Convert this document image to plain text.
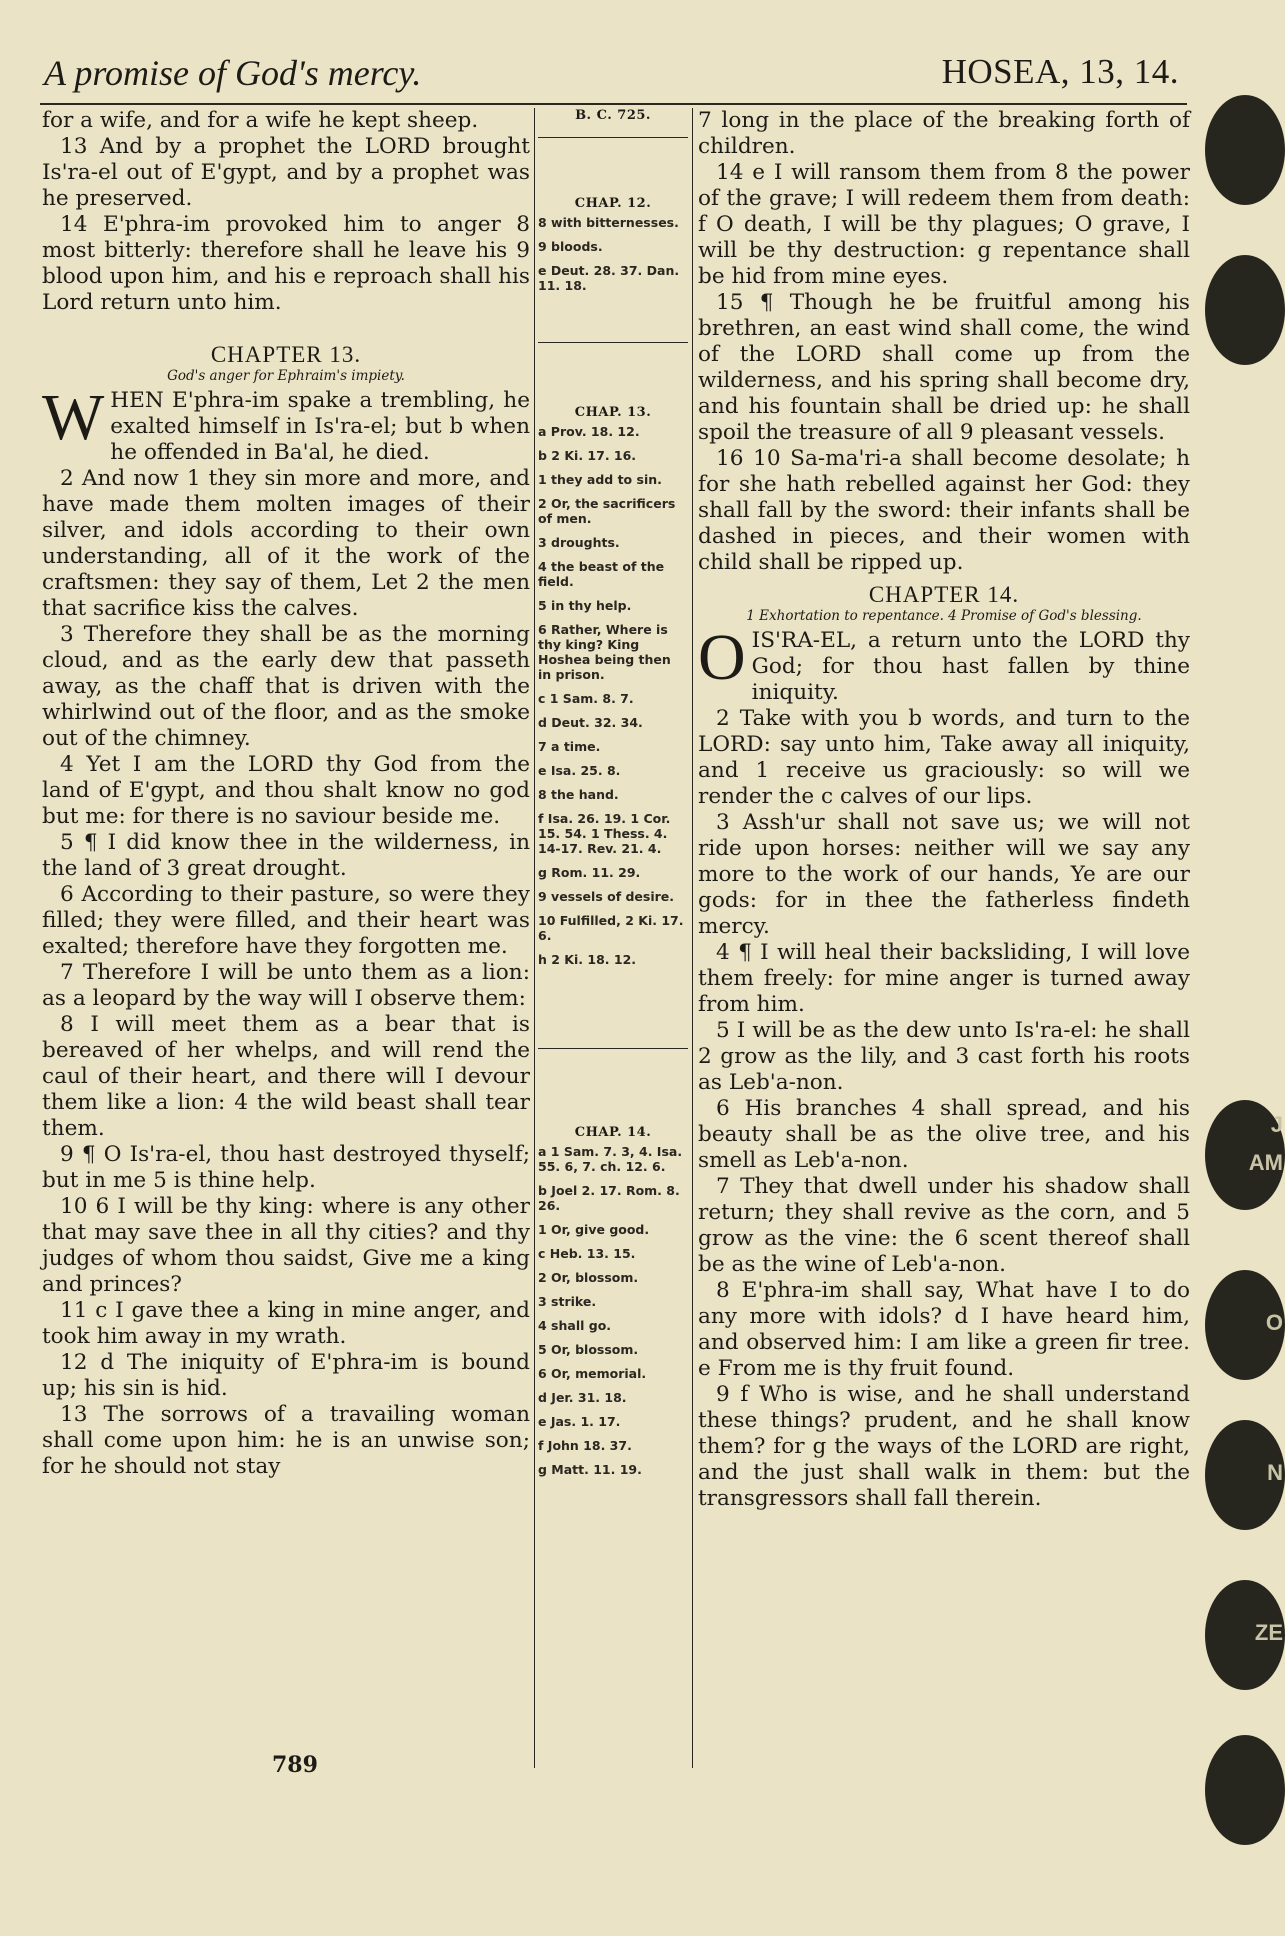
A promise of God's mercy.	HOSEA, 13, 14.

for a wife, and for a wife he kept sheep.

13 And by a prophet the LORD brought Is'ra-el out of E'gypt, and by a prophet was he preserved.

14 E'phra-im provoked him to anger 8 most bitterly: therefore shall he leave his 9 blood upon him, and his e reproach shall his Lord return unto him.

CHAPTER 13.
God's anger for Ephraim's impiety.

WHEN E'phra-im spake a trembling, he exalted himself in Is'ra-el; but b when he offended in Ba'al, he died.

2 And now 1 they sin more and more, and have made them molten images of their silver, and idols according to their own understanding, all of it the work of the craftsmen: they say of them, Let 2 the men that sacrifice kiss the calves.

3 Therefore they shall be as the morning cloud, and as the early dew that passeth away, as the chaff that is driven with the whirlwind out of the floor, and as the smoke out of the chimney.

4 Yet I am the LORD thy God from the land of E'gypt, and thou shalt know no god but me: for there is no saviour beside me.

5 ¶ I did know thee in the wilderness, in the land of 3 great drought.

6 According to their pasture, so were they filled; they were filled, and their heart was exalted; therefore have they forgotten me.

7 Therefore I will be unto them as a lion: as a leopard by the way will I observe them:

8 I will meet them as a bear that is bereaved of her whelps, and will rend the caul of their heart, and there will I devour them like a lion: 4 the wild beast shall tear them.

9 ¶ O Is'ra-el, thou hast destroyed thyself; but in me 5 is thine help.

10 6 I will be thy king: where is any other that may save thee in all thy cities? and thy judges of whom thou saidst, Give me a king and princes?

11 c I gave thee a king in mine anger, and took him away in my wrath.

12 d The iniquity of E'phra-im is bound up; his sin is hid.

13 The sorrows of a travailing woman shall come upon him: he is an unwise son; for he should not stay

B. C. 725.
CHAP. 12.
8 with bitternesses.
9 bloods.
e Deut. 28. 37. Dan. 11. 18.
CHAP. 13.
a Prov. 18. 12.
b 2 Ki. 17. 16.
1 they add to sin.
2 Or, the sacrificers of men.
3 droughts.
4 the beast of the field.
5 in thy help.
6 Rather, Where is thy king? King Hoshea being then in prison.
c 1 Sam. 8. 7.
d Deut. 32. 34.
7 a time.
e Isa. 25. 8.
8 the hand.
f Isa. 26. 19. 1 Cor. 15. 54. 1 Thess. 4. 14-17. Rev. 21. 4.
g Rom. 11. 29.
9 vessels of desire.
10 Fulfilled, 2 Ki. 17. 6.
h 2 Ki. 18. 12.
CHAP. 14.
a 1 Sam. 7. 3, 4. Isa. 55. 6, 7. ch. 12. 6.
b Joel 2. 17. Rom. 8. 26.
1 Or, give good.
c Heb. 13. 15.
2 Or, blossom.
3 strike.
4 shall go.
5 Or, blossom.
6 Or, memorial.
d Jer. 31. 18.
e Jas. 1. 17.
f John 18. 37.
g Matt. 11. 19.

7 long in the place of the breaking forth of children.

14 e I will ransom them from 8 the power of the grave; I will redeem them from death: f O death, I will be thy plagues; O grave, I will be thy destruction: g repentance shall be hid from mine eyes.

15 ¶ Though he be fruitful among his brethren, an east wind shall come, the wind of the LORD shall come up from the wilderness, and his spring shall become dry, and his fountain shall be dried up: he shall spoil the treasure of all 9 pleasant vessels.

16 10 Sa-ma'ri-a shall become desolate; h for she hath rebelled against her God: they shall fall by the sword: their infants shall be dashed in pieces, and their women with child shall be ripped up.

CHAPTER 14.
1 Exhortation to repentance. 4 Promise of God's blessing.

OIS'RA-EL, a return unto the LORD thy God; for thou hast fallen by thine iniquity.

2 Take with you b words, and turn to the LORD: say unto him, Take away all iniquity, and 1 receive us graciously: so will we render the c calves of our lips.

3 Assh'ur shall not save us; we will not ride upon horses: neither will we say any more to the work of our hands, Ye are our gods: for in thee the fatherless findeth mercy.

4 ¶ I will heal their backsliding, I will love them freely: for mine anger is turned away from him.

5 I will be as the dew unto Is'ra-el: he shall 2 grow as the lily, and 3 cast forth his roots as Leb'a-non.

6 His branches 4 shall spread, and his beauty shall be as the olive tree, and his smell as Leb'a-non.

7 They that dwell under his shadow shall return; they shall revive as the corn, and 5 grow as the vine: the 6 scent thereof shall be as the wine of Leb'a-non.

8 E'phra-im shall say, What have I to do any more with idols? d I have heard him, and observed him: I am like a green fir tree. e From me is thy fruit found.

9 f Who is wise, and he shall understand these things? prudent, and he shall know them? for g the ways of the LORD are right, and the just shall walk in them: but the transgressors shall fall therein.

789
J
AM
O
N
ZE
